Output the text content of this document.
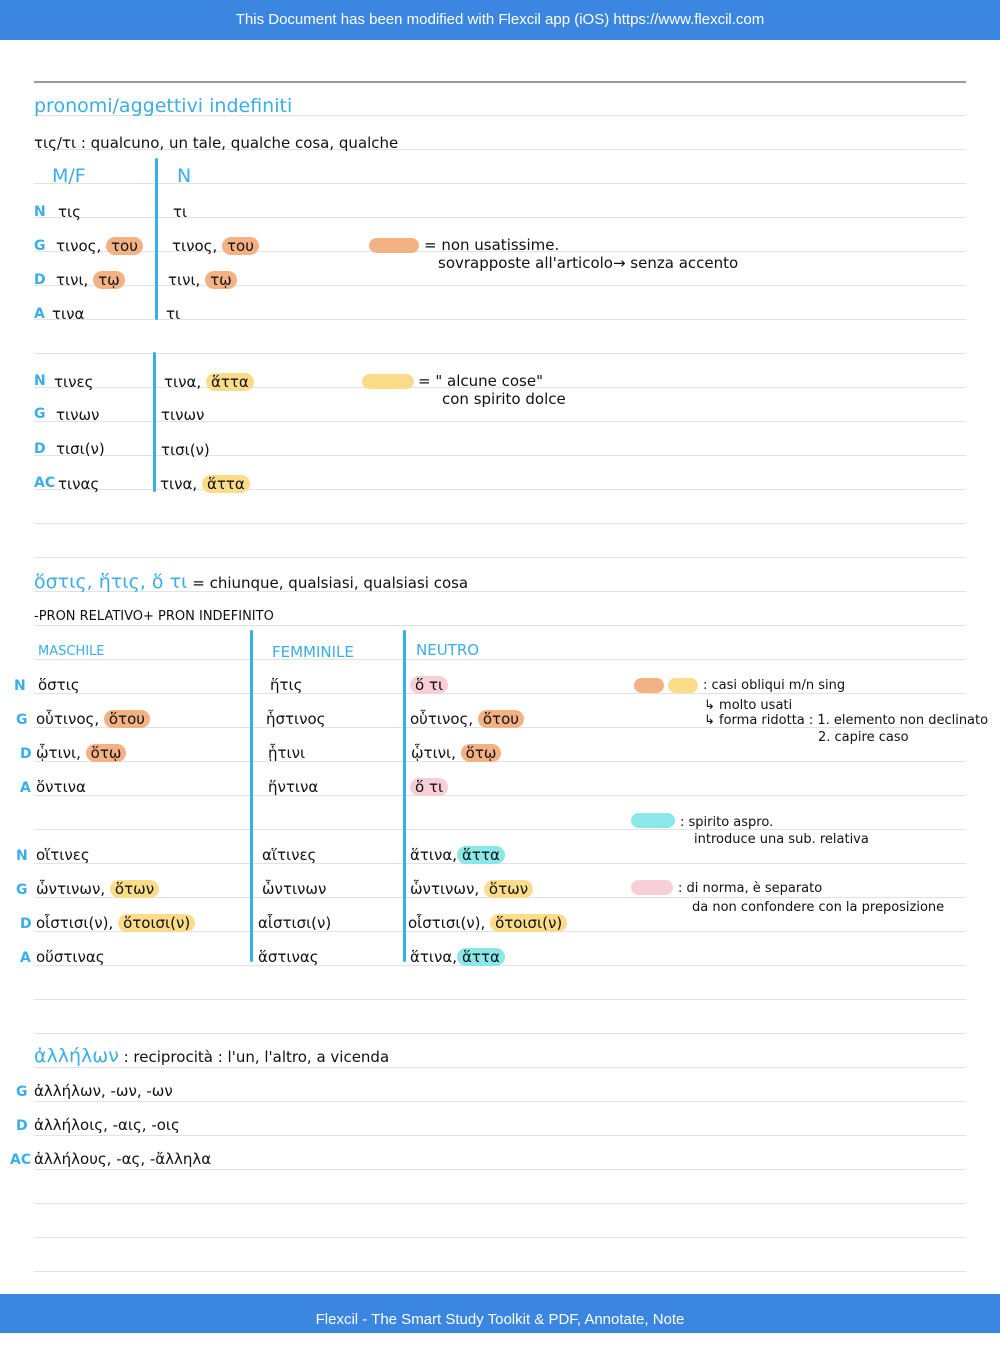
This Document has been modified with Flexcil app (iOS) https://www.flexcil.com
pronomi/aggettivi indefiniti
τις/τι : qualcuno, un tale, qualche cosa, qualche
M/F	N
N τις	τι
G τινος, του	τινος, του
D τινι, τῳ	τινι, τῳ
A τινα	τι
= non usatissime.
sovrapposte all'articolo→ senza accento
N τινες	τινα, ἅττα
G τινων	τινων
D τισι(ν)	τισι(ν)
AC τινας	τινα, ἅττα
= " alcune cose"
con spirito dolce
ὅστις, ἥτις, ὅ τι = chiunque, qualsiasi, qualsiasi cosa
-PRON RELATIVO+ PRON INDEFINITO
MASCHILE	FEMMINILE	NEUTRO
N ὅστις	ἥτις	ὅ τι
G οὗτινος, ὅτου	ἧστινος	οὗτινος, ὅτου
D ᾧτινι, ὅτῳ	ᾗτινι	ᾧτινι, ὅτῳ
A ὅντινα	ἥντινα	ὅ τι
N οἵτινες	αἵτινες	ἅτινα, ἅττα
G ὧντινων, ὅτων	ὧντινων	ὧντινων, ὅτων
D οἷστισι(ν), ὅτοισι(ν)	αἷστισι(ν)	οἷστισι(ν), ὅτοισι(ν)
A οὕστινας	ἅστινας	ἅτινα, ἅττα
: casi obliqui m/n sing
↳ molto usati
↳ forma ridotta : 1. elemento non declinato
2. capire caso
: spirito aspro.
introduce una sub. relativa
: di norma, è separato
da non confondere con la preposizione
ἀλλήλων : reciprocità : l'un, l'altro, a vicenda
G ἀλλήλων, -ων, -ων
D ἀλλήλοις, -αις, -οις
AC ἀλλήλους, -ας, -ἄλληλα
Flexcil - The Smart Study Toolkit & PDF, Annotate, Note
